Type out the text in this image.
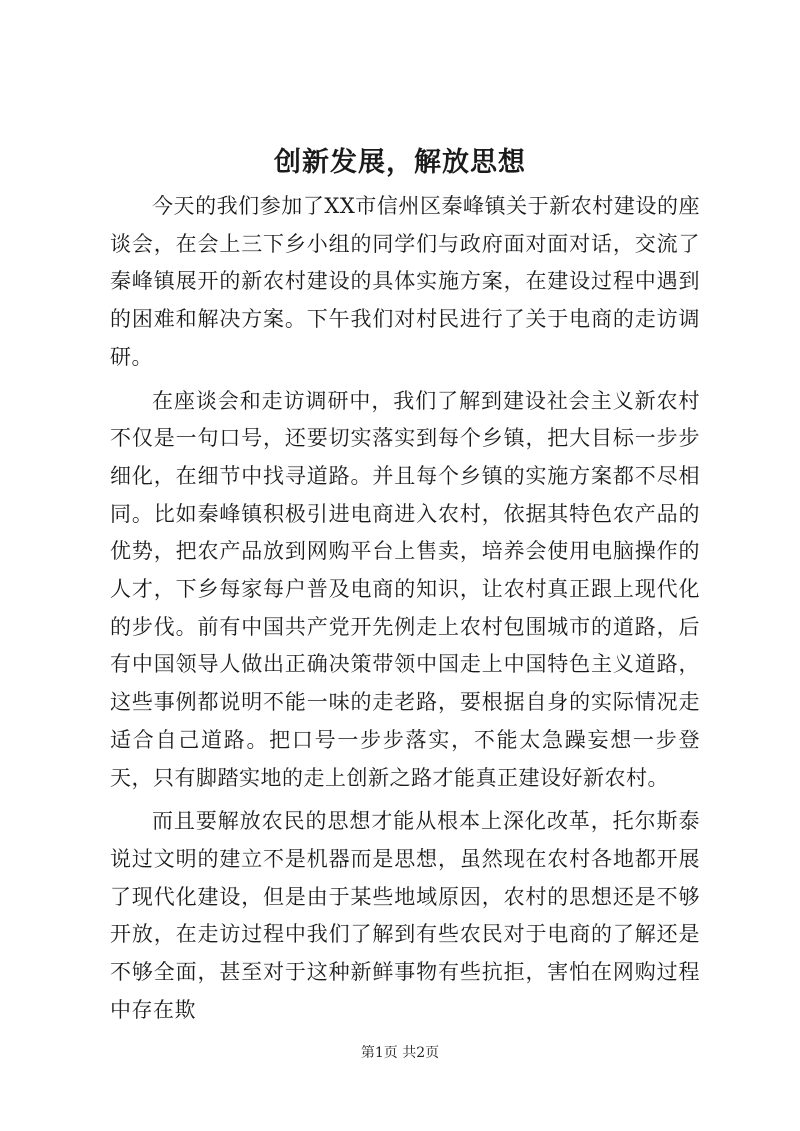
创新发展，解放思想

今天的我们参加了XX市信州区秦峰镇关于新农村建设的座谈会，在会上三下乡小组的同学们与政府面对面对话，交流了秦峰镇展开的新农村建设的具体实施方案，在建设过程中遇到的困难和解决方案。下午我们对村民进行了关于电商的走访调研。

在座谈会和走访调研中，我们了解到建设社会主义新农村不仅是一句口号，还要切实落实到每个乡镇，把大目标一步步细化，在细节中找寻道路。并且每个乡镇的实施方案都不尽相同。比如秦峰镇积极引进电商进入农村，依据其特色农产品的优势，把农产品放到网购平台上售卖，培养会使用电脑操作的人才，下乡每家每户普及电商的知识，让农村真正跟上现代化的步伐。前有中国共产党开先例走上农村包围城市的道路，后有中国领导人做出正确决策带领中国走上中国特色主义道路，这些事例都说明不能一味的走老路，要根据自身的实际情况走适合自己道路。把口号一步步落实，不能太急躁妄想一步登天，只有脚踏实地的走上创新之路才能真正建设好新农村。

而且要解放农民的思想才能从根本上深化改革，托尔斯泰说过文明的建立不是机器而是思想，虽然现在农村各地都开展了现代化建设，但是由于某些地域原因，农村的思想还是不够开放，在走访过程中我们了解到有些农民对于电商的了解还是不够全面，甚至对于这种新鲜事物有些抗拒，害怕在网购过程中存在欺

第1页 共2页
